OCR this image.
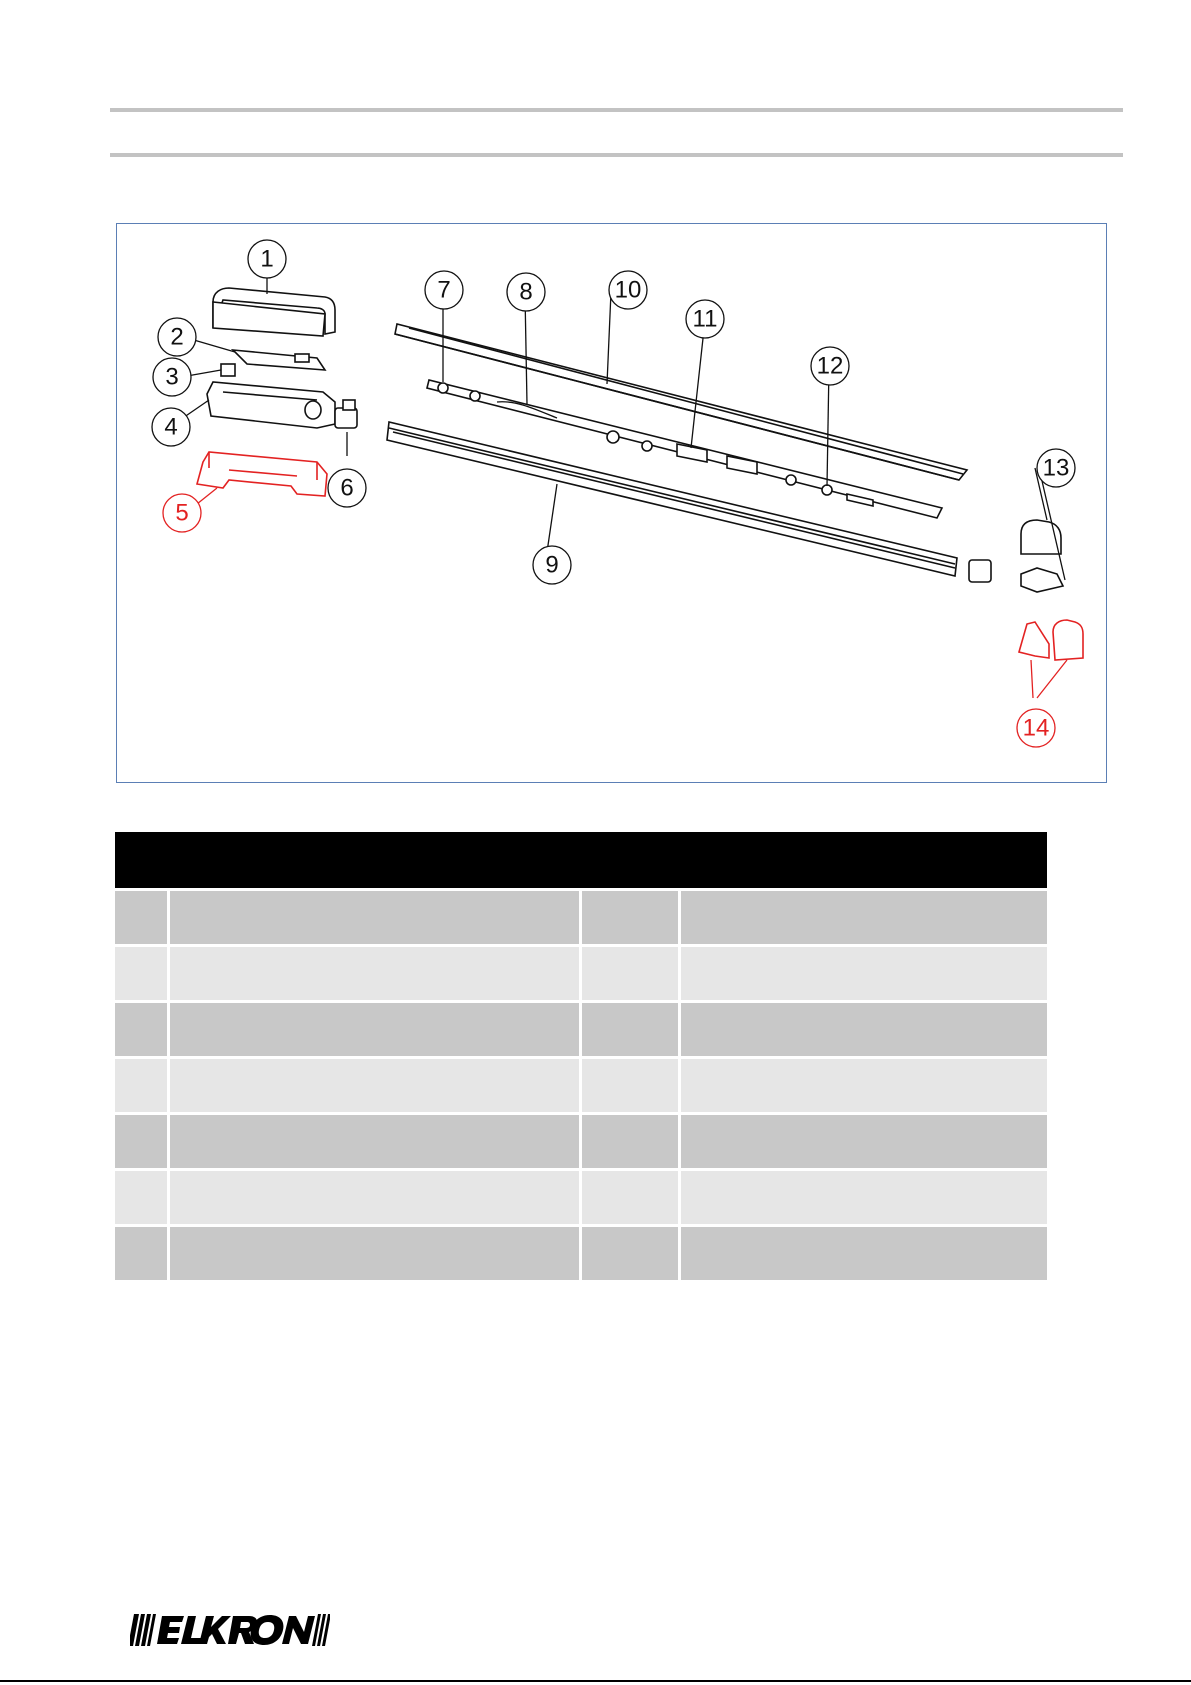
1
2
3
4
5
6
7	8
9
10
11
12
13
14
